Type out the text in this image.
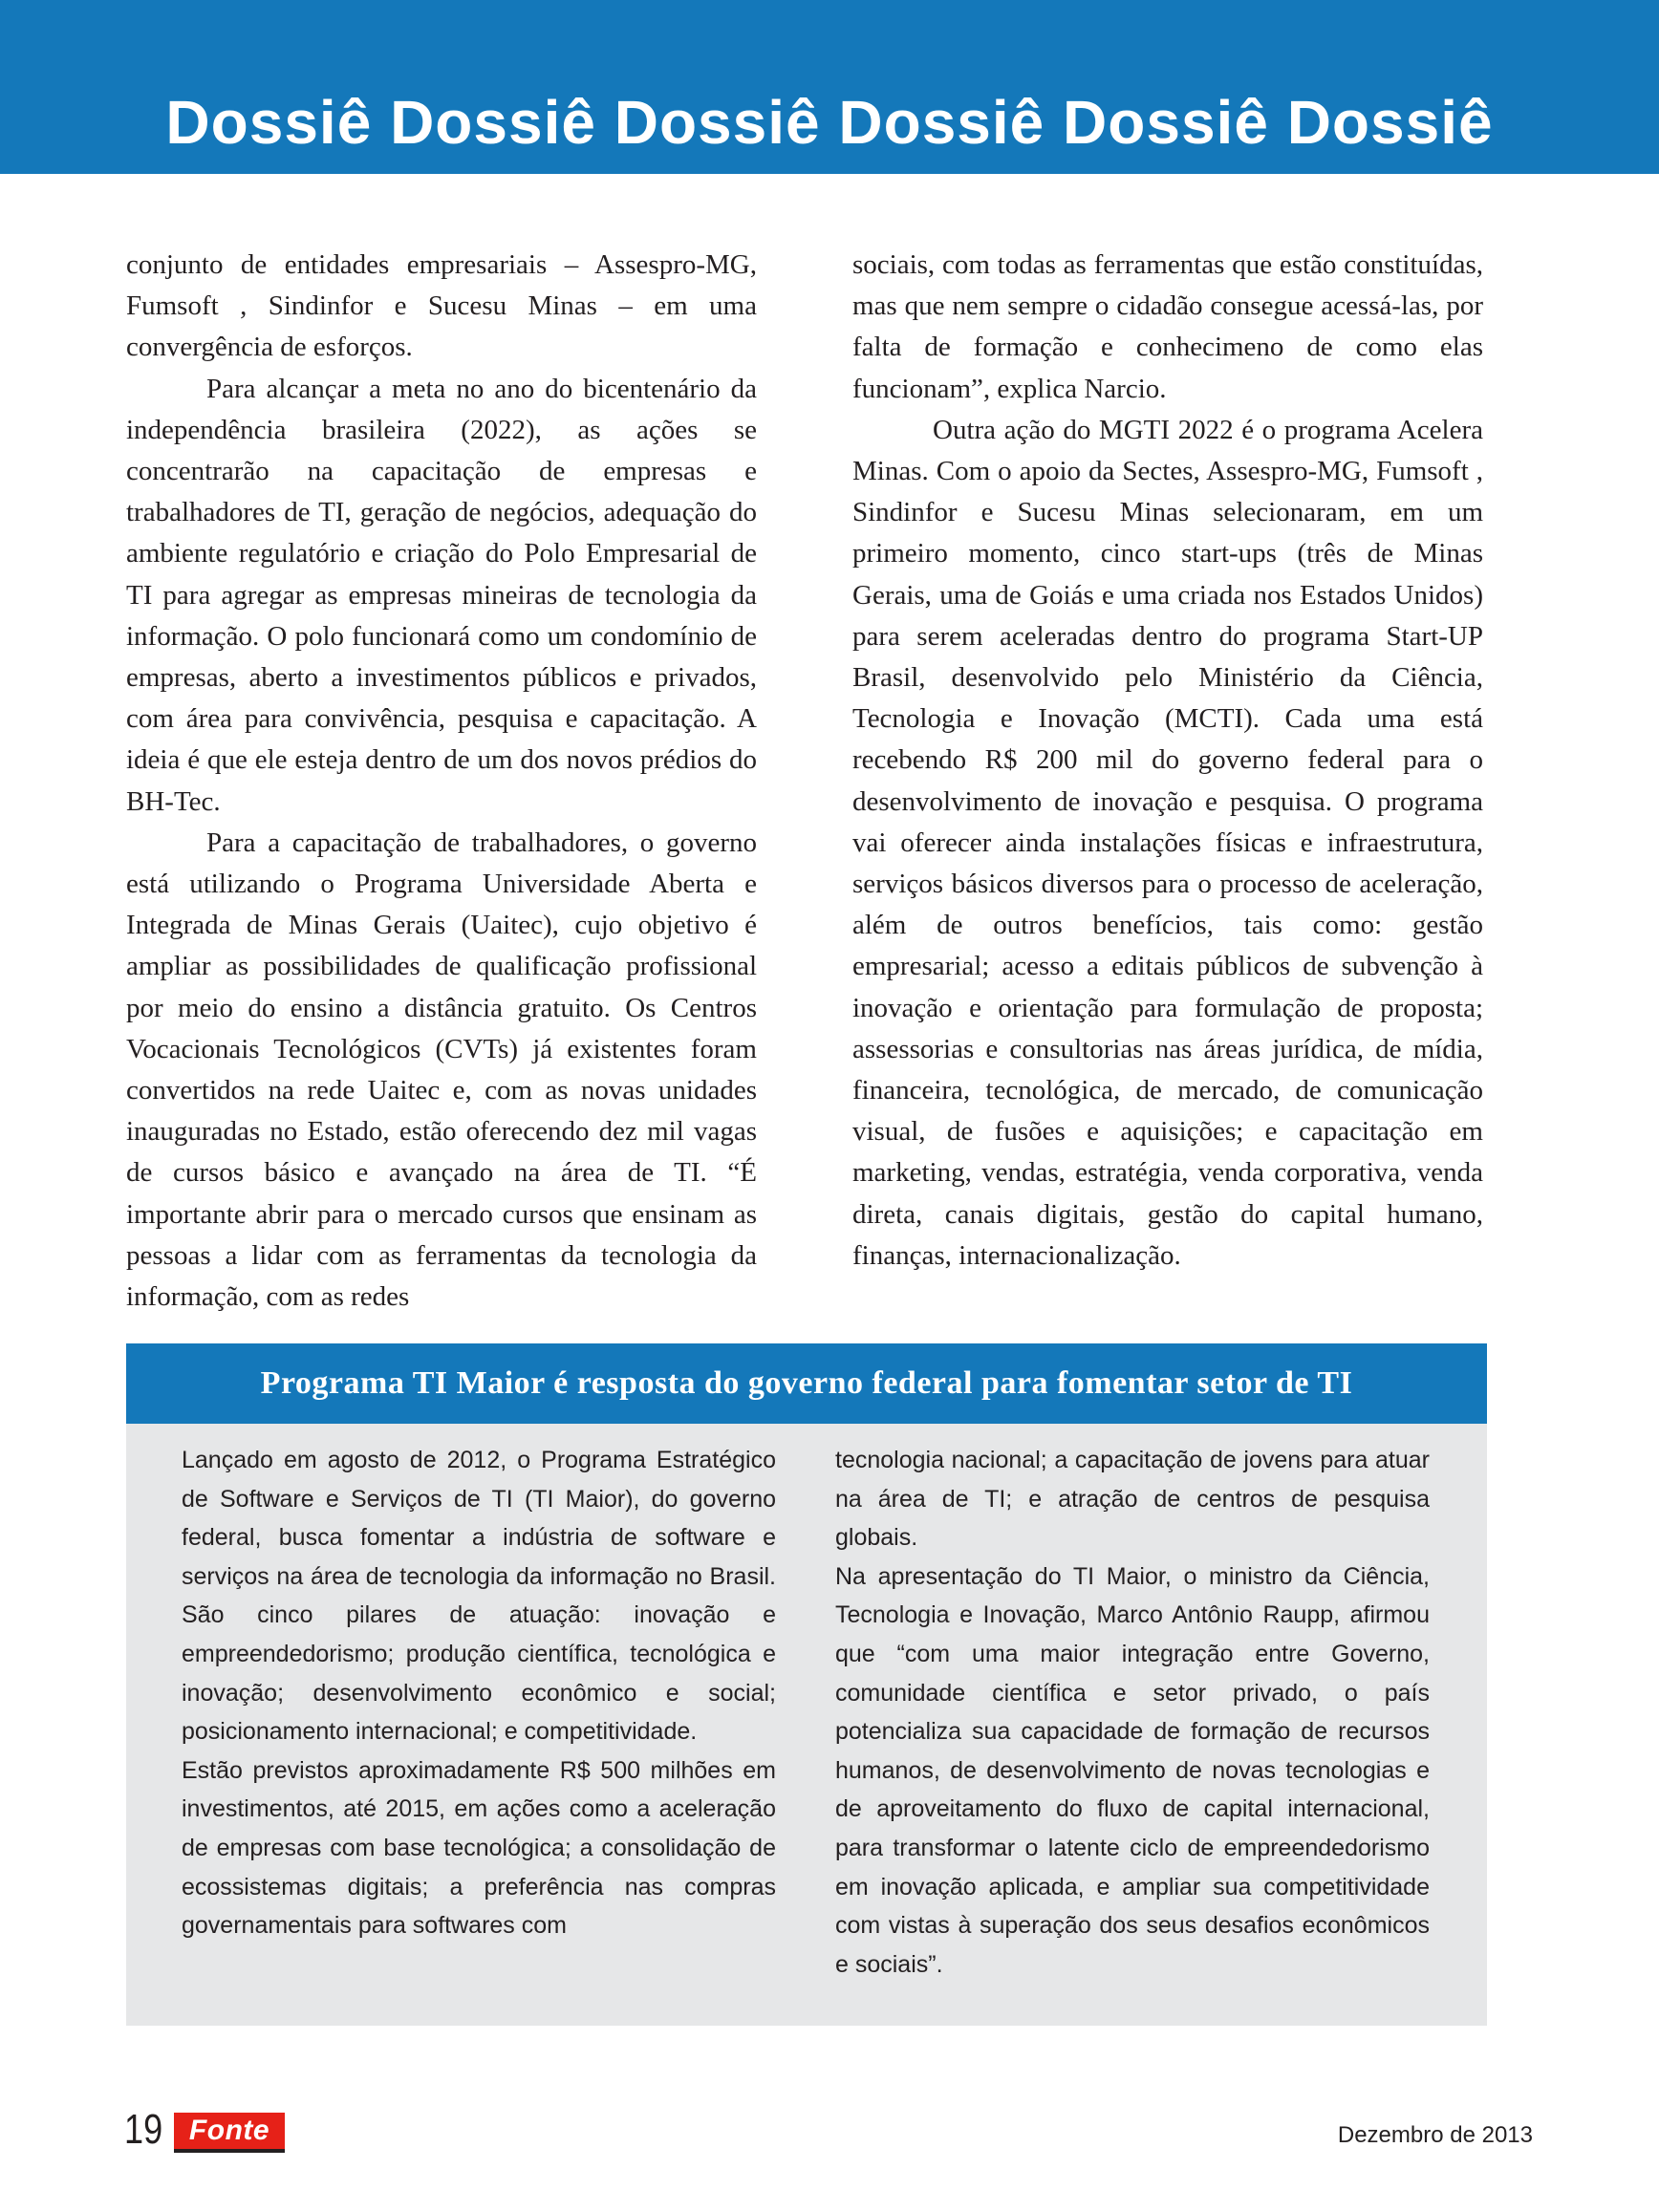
Dossiê Dossiê Dossiê Dossiê Dossiê Dossiê

conjunto de entidades empresariais – Assespro-MG, Fumsoft , Sindinfor e Sucesu Minas – em uma convergência de esforços.

Para alcançar a meta no ano do bicentenário da independência brasileira (2022), as ações se concentrarão na capacitação de empresas e trabalhadores de TI, geração de negócios, adequação do ambiente regulatório e criação do Polo Empresarial de TI para agregar as empresas mineiras de tecnologia da informação. O polo funcionará como um condomínio de empresas, aberto a investimentos públicos e privados, com área para convivência, pesquisa e capacitação. A ideia é que ele esteja dentro de um dos novos prédios do BH-Tec.

Para a capacitação de trabalhadores, o governo está utilizando o Programa Universidade Aberta e Integrada de Minas Gerais (Uaitec), cujo objetivo é ampliar as possibilidades de qualificação profissional por meio do ensino a distância gratuito. Os Centros Vocacionais Tecnológicos (CVTs) já existentes foram convertidos na rede Uaitec e, com as novas unidades inauguradas no Estado, estão oferecendo dez mil vagas de cursos básico e avançado na área de TI. “É importante abrir para o mercado cursos que ensinam as pessoas a lidar com as ferramentas da tecnologia da informação, com as redes

sociais, com todas as ferramentas que estão constituídas, mas que nem sempre o cidadão consegue acessá-las, por falta de formação e conhecimeno de como elas funcionam”, explica Narcio.

Outra ação do MGTI 2022 é o programa Acelera Minas. Com o apoio da Sectes, Assespro-MG, Fumsoft , Sindinfor e Sucesu Minas selecionaram, em um primeiro momento, cinco start-ups (três de Minas Gerais, uma de Goiás e uma criada nos Estados Unidos) para serem aceleradas dentro do programa Start-UP Brasil, desenvolvido pelo Ministério da Ciência, Tecnologia e Inovação (MCTI). Cada uma está recebendo R$ 200 mil do governo federal para o desenvolvimento de inovação e pesquisa. O programa vai oferecer ainda instalações físicas e infraestrutura, serviços básicos diversos para o processo de aceleração, além de outros benefícios, tais como: gestão empresarial; acesso a editais públicos de subvenção à inovação e orientação para formulação de proposta; assessorias e consultorias nas áreas jurídica, de mídia, financeira, tecnológica, de mercado, de comunicação visual, de fusões e aquisições; e capacitação em marketing, vendas, estratégia, venda corporativa, venda direta, canais digitais, gestão do capital humano, finanças, internacionalização.

Programa TI Maior é resposta do governo federal para fomentar setor de TI

Lançado em agosto de 2012, o Programa Estratégico de Software e Serviços de TI (TI Maior), do governo federal, busca fomentar a indústria de software e serviços na área de tecnologia da informação no Brasil. São cinco pilares de atuação: inovação e empreendedorismo; produção científica, tecnológica e inovação; desenvolvimento econômico e social; posicionamento internacional; e competitividade.

Estão previstos aproximadamente R$ 500 milhões em investimentos, até 2015, em ações como a aceleração de empresas com base tecnológica; a consolidação de ecossistemas digitais; a preferência nas compras governamentais para softwares com

tecnologia nacional; a capacitação de jovens para atuar na área de TI; e atração de centros de pesquisa globais.

Na apresentação do TI Maior, o ministro da Ciência, Tecnologia e Inovação, Marco Antônio Raupp, afirmou que “com uma maior integração entre Governo, comunidade científica e setor privado, o país potencializa sua capacidade de formação de recursos humanos, de desenvolvimento de novas tecnologias e de aproveitamento do fluxo de capital internacional, para transformar o latente ciclo de empreendedorismo em inovação aplicada, e ampliar sua competitividade com vistas à superação dos seus desafios econômicos e sociais”.

19 Fonte	Dezembro de 2013
